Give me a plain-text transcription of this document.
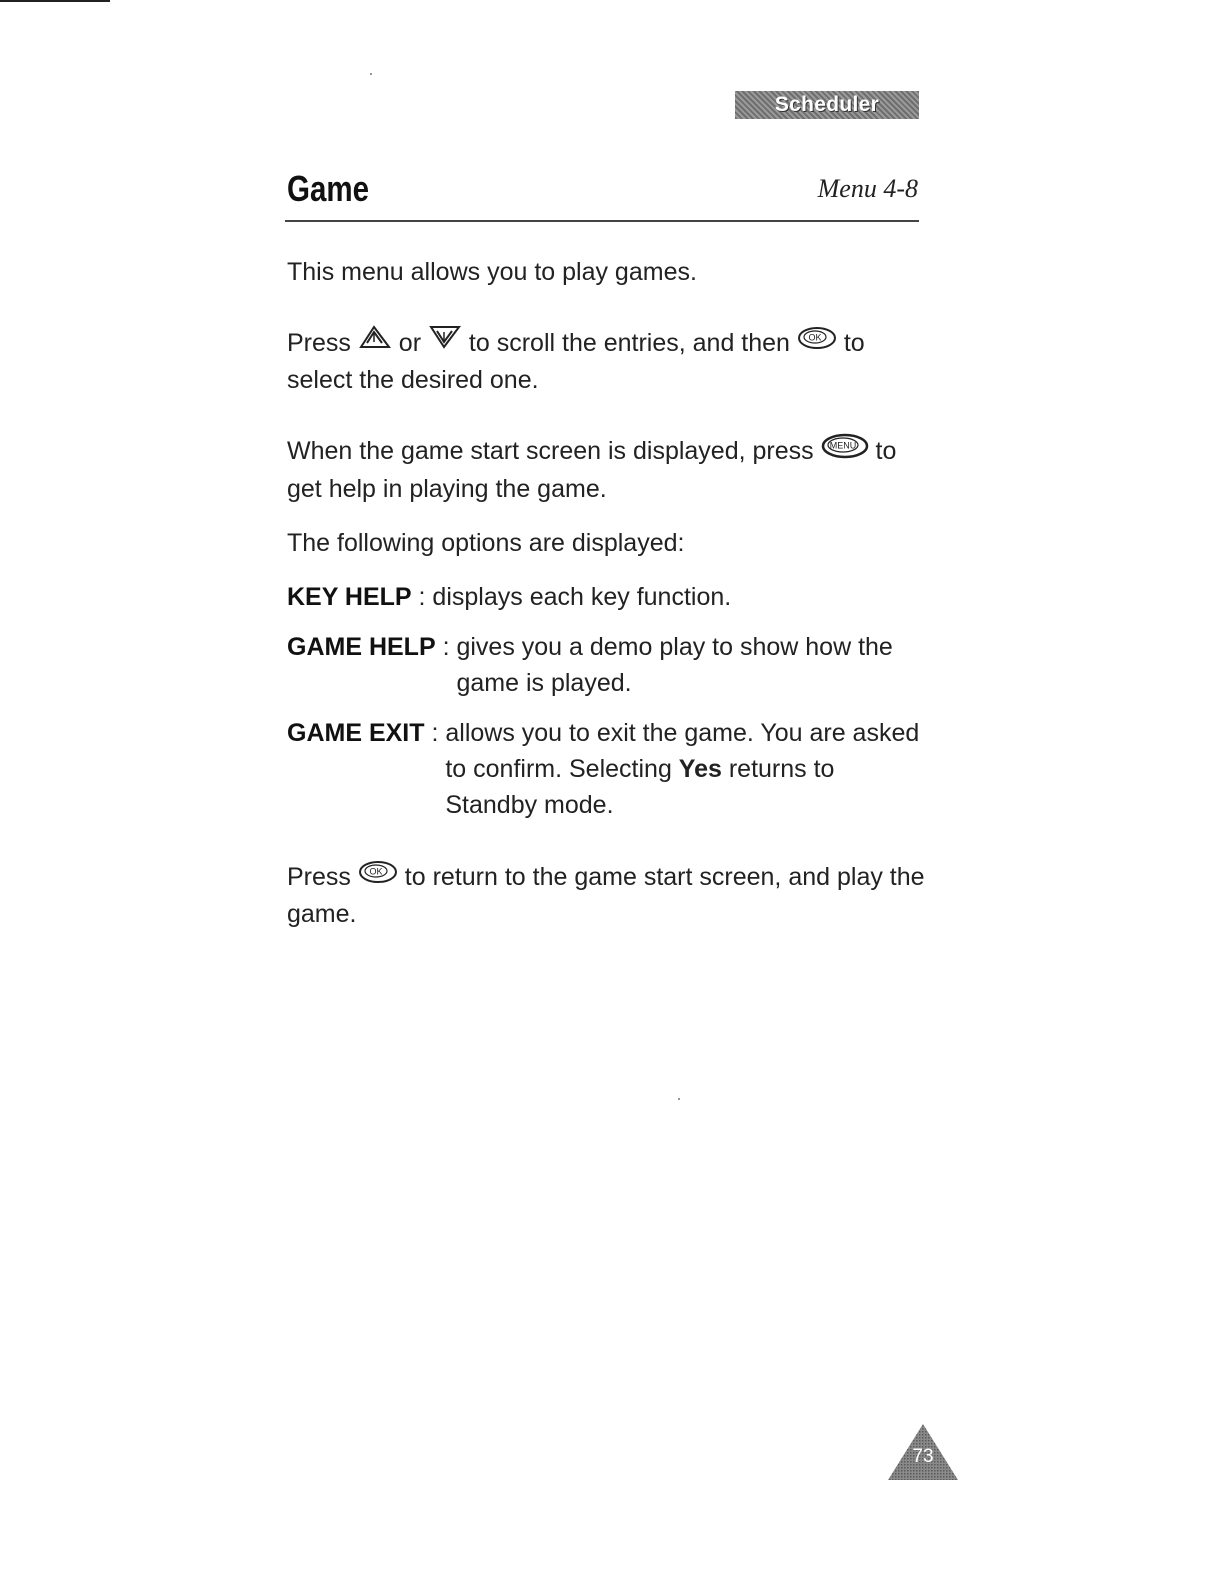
Scheduler
Game	Menu 4-8

This menu allows you to play games.

Press  or  to scroll the entries, and then OK to select the desired one.

When the game start screen is displayed, press MENU to get help in playing the game.

The following options are displayed:

KEY HELP : displays each key function.
GAME HELP : gives you a demo play to show how the game is played.
GAME EXIT : allows you to exit the game. You are asked to confirm. Selecting Yes returns to Standby mode.

Press OK to return to the game start screen, and play the game.

73
